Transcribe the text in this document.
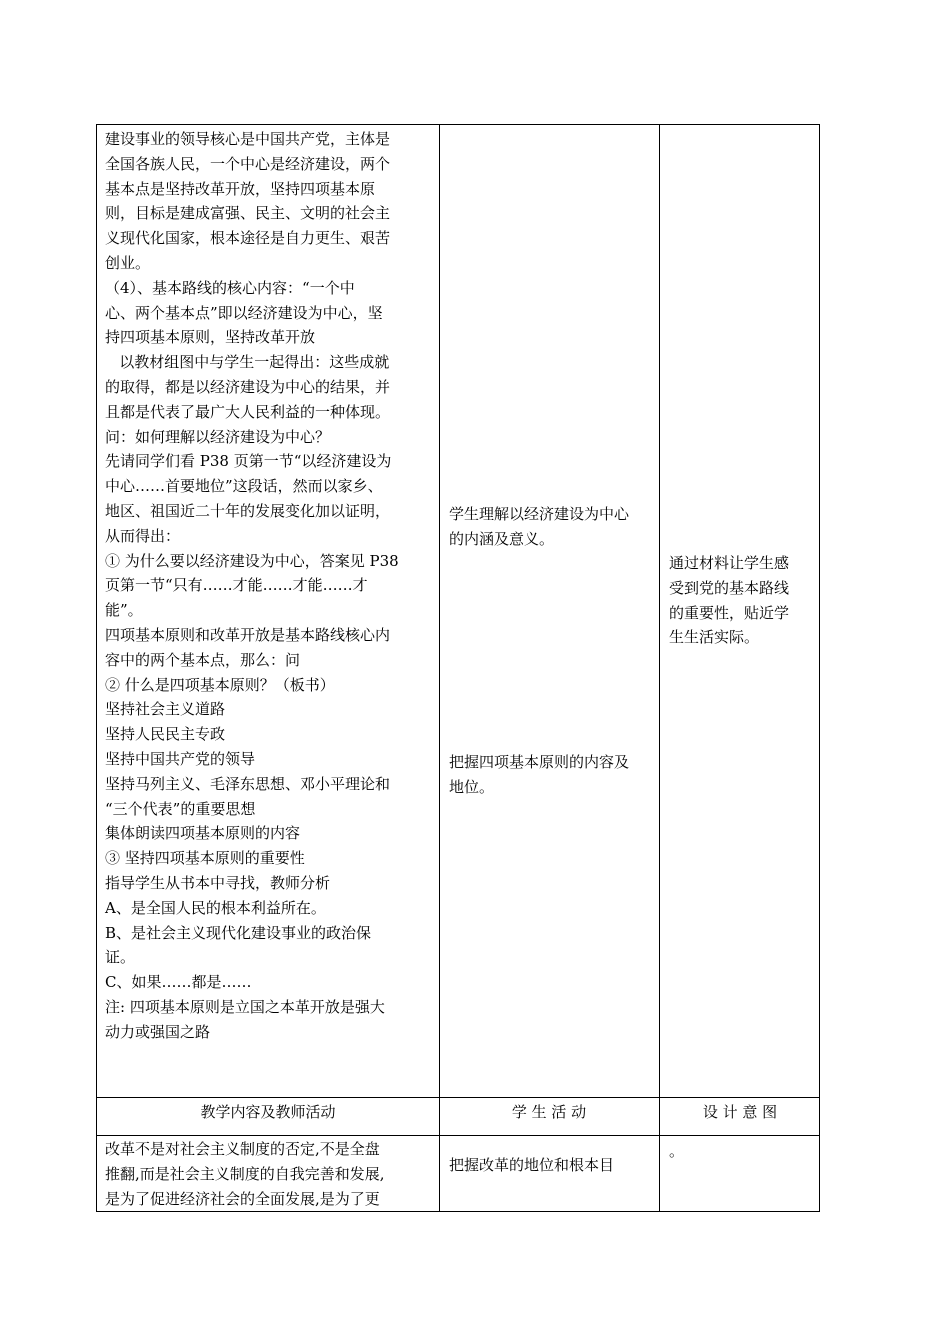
建设事业的领导核心是中国共产党，主体是

全国各族人民，一个中心是经济建设，两个

基本点是坚持改革开放，坚持四项基本原

则，目标是建成富强、民主、文明的社会主

义现代化国家，根本途径是自力更生、艰苦

创业。

（4）、基本路线的核心内容：“一个中

心、两个基本点”即以经济建设为中心，坚

持四项基本原则，坚持改革开放

以教材组图中与学生一起得出：这些成就

的取得，都是以经济建设为中心的结果，并

且都是代表了最广大人民利益的一种体现。

问：如何理解以经济建设为中心？

先请同学们看 P38 页第一节“以经济建设为

中心……首要地位”这段话，然而以家乡、

地区、祖国近二十年的发展变化加以证明，

从而得出：

① 为什么要以经济建设为中心，答案见 P38

页第一节“只有……才能……才能……才

能”。

四项基本原则和改革开放是基本路线核心内

容中的两个基本点，那么：问

② 什么是四项基本原则？（板书）

坚持社会主义道路

坚持人民民主专政

坚持中国共产党的领导

坚持马列主义、毛泽东思想、邓小平理论和

“三个代表”的重要思想

集体朗读四项基本原则的内容

③ 坚持四项基本原则的重要性

指导学生从书本中寻找，教师分析

A、是全国人民的根本利益所在。

B、是社会主义现代化建设事业的政治保

证。

C、如果……都是……

注: 四项基本原则是立国之本革开放是强大

动力或强国之路

学生理解以经济建设为中心

的内涵及意义。

把握四项基本原则的内容及

地位。

通过材料让学生感

受到党的基本路线

的重要性，贴近学

生生活实际。

教学内容及教师活动	学 生 活 动	设 计 意 图

改革不是对社会主义制度的否定,不是全盘

推翻,而是社会主义制度的自我完善和发展,

是为了促进经济社会的全面发展,是为了更

把握改革的地位和根本目

。
